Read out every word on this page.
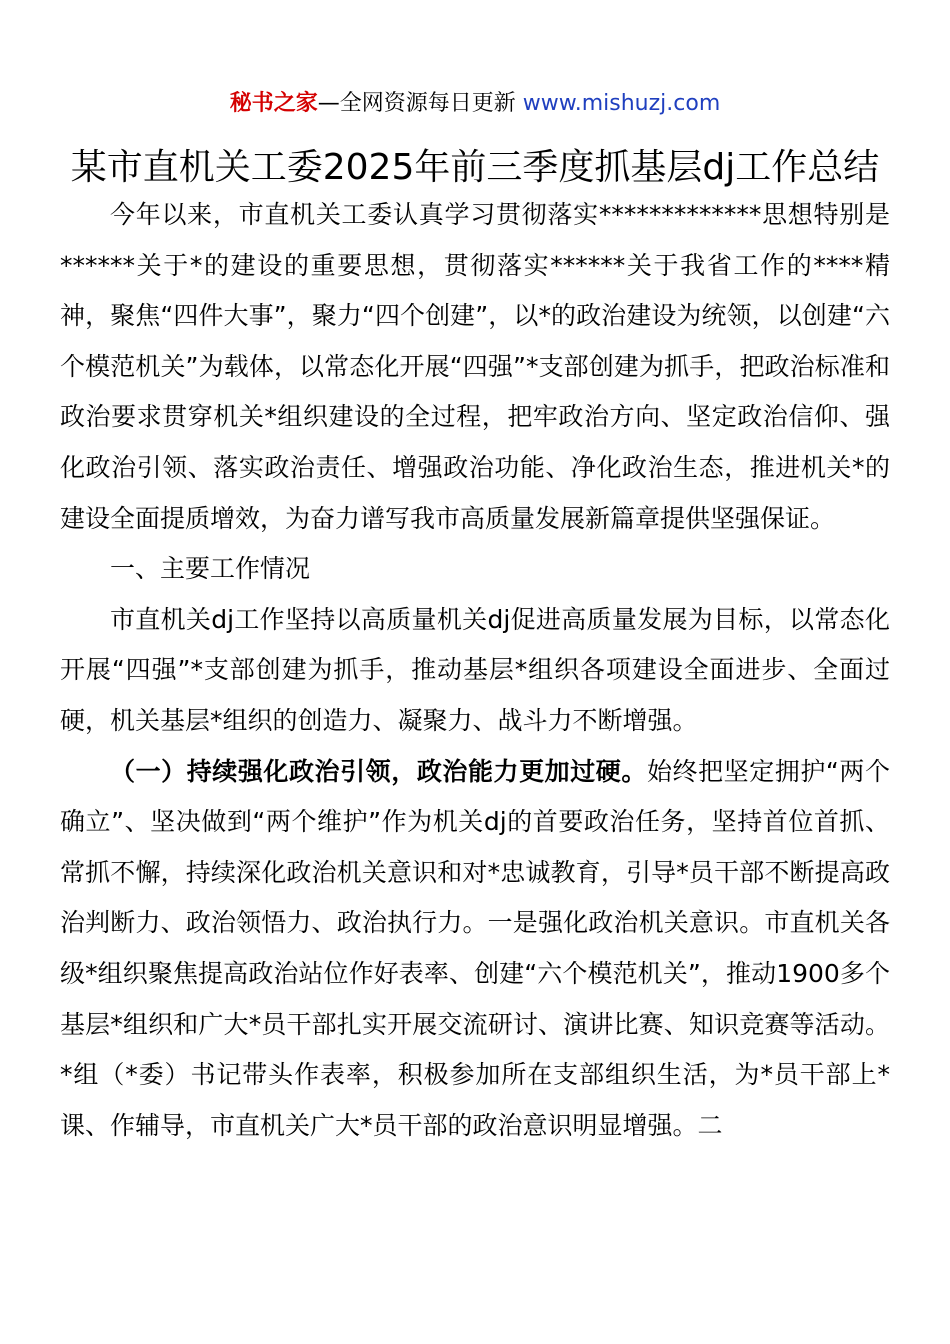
秘书之家—全网资源每日更新 www.mishuzj.com
某市直机关工委2025年前三季度抓基层dj工作总结

今年以来，市直机关工委认真学习贯彻落实*************思想特别是******关于*的建设的重要思想，贯彻落实******关于我省工作的****精神，聚焦“四件大事”，聚力“四个创建”，以*的政治建设为统领，以创建“六个模范机关”为载体，以常态化开展“四强”*支部创建为抓手，把政治标准和政治要求贯穿机关*组织建设的全过程，把牢政治方向、坚定政治信仰、强化政治引领、落实政治责任、增强政治功能、净化政治生态，推进机关*的建设全面提质增效，为奋力谱写我市高质量发展新篇章提供坚强保证。

一、主要工作情况

市直机关dj工作坚持以高质量机关dj促进高质量发展为目标，以常态化开展“四强”*支部创建为抓手，推动基层*组织各项建设全面进步、全面过硬，机关基层*组织的创造力、凝聚力、战斗力不断增强。

（一）持续强化政治引领，政治能力更加过硬。始终把坚定拥护“两个确立”、坚决做到“两个维护”作为机关dj的首要政治任务，坚持首位首抓、常抓不懈，持续深化政治机关意识和对*忠诚教育，引导*员干部不断提高政治判断力、政治领悟力、政治执行力。一是强化政治机关意识。市直机关各级*组织聚焦提高政治站位作好表率、创建“六个模范机关”，推动1900多个基层*组织和广大*员干部扎实开展交流研讨、演讲比赛、知识竞赛等活动。*组（*委）书记带头作表率，积极参加所在支部组织生活，为*员干部上*课、作辅导，市直机关广大*员干部的政治意识明显增强。二
